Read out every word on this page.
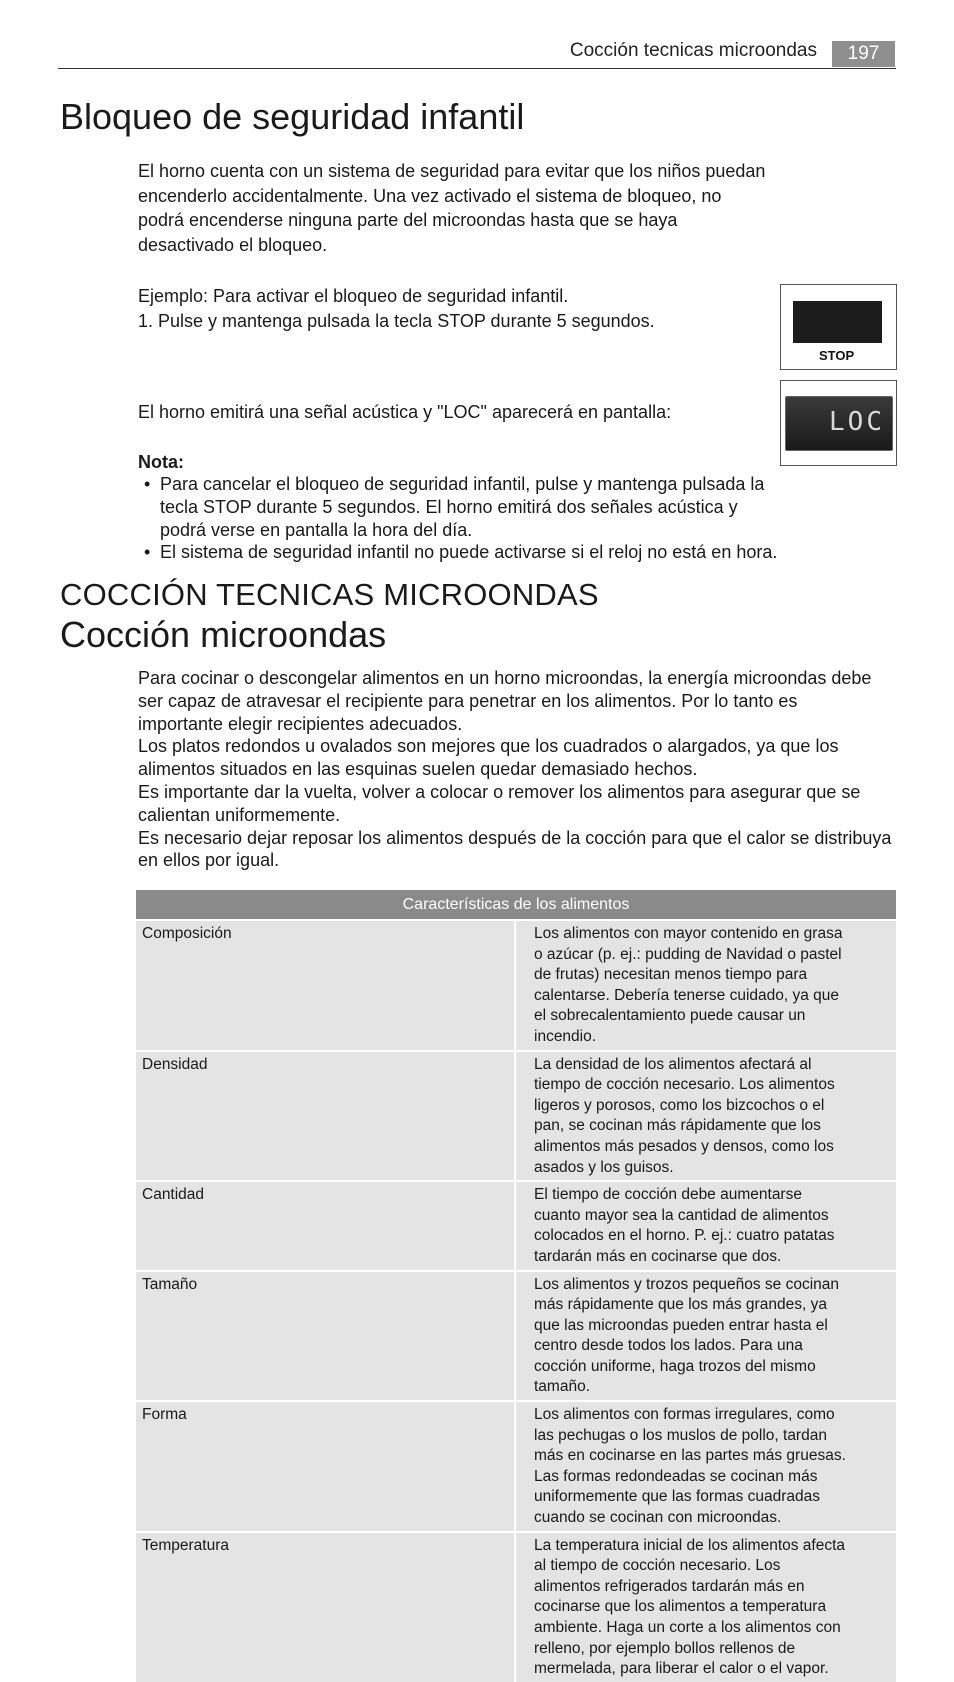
Cocción tecnicas microondas	197
Bloqueo de seguridad infantil
El horno cuenta con un sistema de seguridad para evitar que los niños puedan
encenderlo accidentalmente. Una vez activado el sistema de bloqueo, no
podrá encenderse ninguna parte del microondas hasta que se haya
desactivado el bloqueo.
Ejemplo: Para activar el bloqueo de seguridad infantil.
1. Pulse y mantenga pulsada la tecla STOP durante 5 segundos.
STOP
El horno emitirá una señal acústica y "LOC" aparecerá en pantalla:	LOC
Nota:
• Para cancelar el bloqueo de seguridad infantil, pulse y mantenga pulsada la
tecla STOP durante 5 segundos. El horno emitirá dos señales acústica y
podrá verse en pantalla la hora del día.
• El sistema de seguridad infantil no puede activarse si el reloj no está en hora.
COCCIÓN TECNICAS MICROONDAS
Cocción microondas
Para cocinar o descongelar alimentos en un horno microondas, la energía microondas debe
ser capaz de atravesar el recipiente para penetrar en los alimentos. Por lo tanto es
importante elegir recipientes adecuados.
Los platos redondos u ovalados son mejores que los cuadrados o alargados, ya que los
alimentos situados en las esquinas suelen quedar demasiado hechos.
Es importante dar la vuelta, volver a colocar o remover los alimentos para asegurar que se
calientan uniformemente.
Es necesario dejar reposar los alimentos después de la cocción para que el calor se distribuya
en ellos por igual.
Características de los alimentos	
Composición	Los alimentos con mayor contenido en grasa o azúcar (p. ej.: pudding de Navidad o pastel de frutas) necesitan menos tiempo para calentarse. Debería tenerse cuidado, ya que el sobrecalentamiento puede causar un incendio.
Densidad	La densidad de los alimentos afectará al tiempo de cocción necesario. Los alimentos ligeros y porosos, como los bizcochos o el pan, se cocinan más rápidamente que los alimentos más pesados y densos, como los asados y los guisos.
Cantidad	El tiempo de cocción debe aumentarse cuanto mayor sea la cantidad de alimentos colocados en el horno. P. ej.: cuatro patatas tardarán más en cocinarse que dos.
Tamaño	Los alimentos y trozos pequeños se cocinan más rápidamente que los más grandes, ya que las microondas pueden entrar hasta el centro desde todos los lados. Para una cocción uniforme, haga trozos del mismo tamaño.
Forma	Los alimentos con formas irregulares, como las pechugas o los muslos de pollo, tardan más en cocinarse en las partes más gruesas. Las formas redondeadas se cocinan más uniformemente que las formas cuadradas cuando se cocinan con microondas.
Temperatura	La temperatura inicial de los alimentos afecta al tiempo de cocción necesario. Los alimentos refrigerados tardarán más en cocinarse que los alimentos a temperatura ambiente. Haga un corte a los alimentos con relleno, por ejemplo bollos rellenos de mermelada, para liberar el calor o el vapor.
